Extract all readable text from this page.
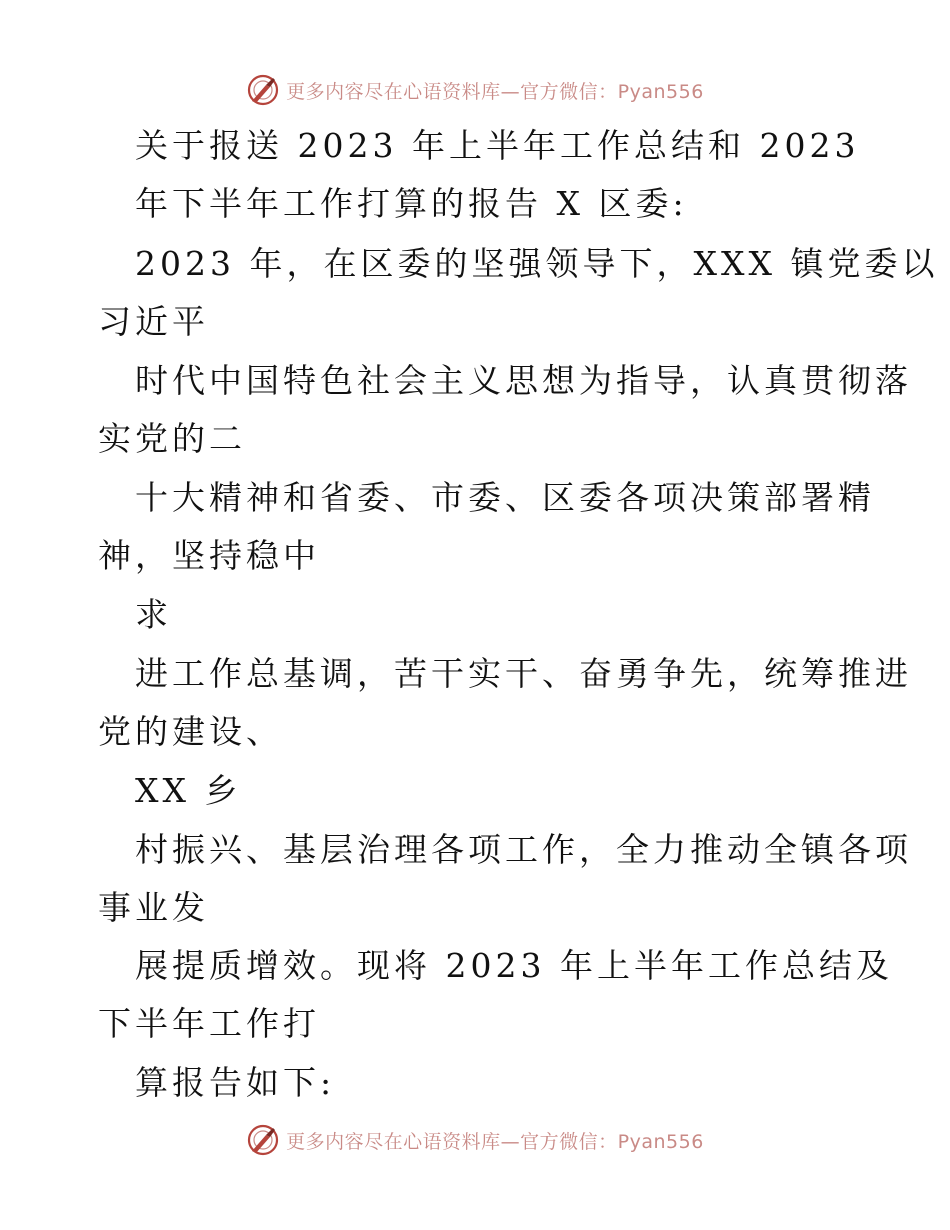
更多内容尽在心语资料库—官方微信：Pyan556
关于报送 2023 年上半年工作总结和 2023
年下半年工作打算的报告 X 区委:
2023 年，在区委的坚强领导下，XXX 镇党委以
习近平
时代中国特色社会主义思想为指导，认真贯彻落
实党的二
十大精神和省委、市委、区委各项决策部署精
神，坚持稳中
求
进工作总基调，苦干实干、奋勇争先，统筹推进
党的建设、
XX 乡
村振兴、基层治理各项工作，全力推动全镇各项
事业发
展提质增效。现将 2023 年上半年工作总结及
下半年工作打
算报告如下:
更多内容尽在心语资料库—官方微信：Pyan556
